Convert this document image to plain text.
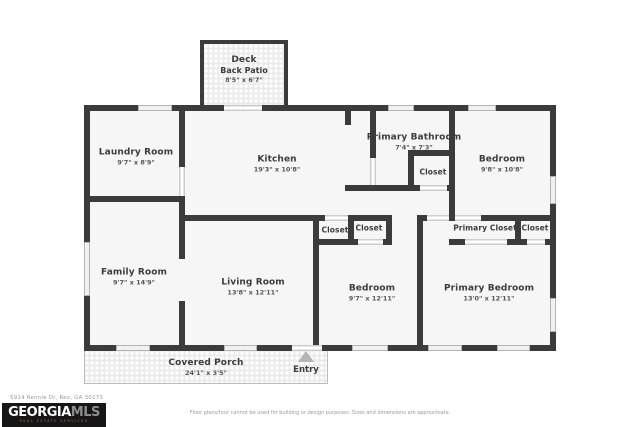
Deck
Back Patio
8'5" x 6'7"
Covered Porch
24'1" x 3'5"
Laundry Room
9'7" x 8'9"	Kitchen
19'3" x 10'8"
Primary Bathroom
7'4" x 7'3"
Closet
Bedroom
9'8" x 10'8"
Closet Closet	Primary Closet Closet
Family Room
9'7" x 14'9"	Living Room
13'8" x 12'11"	Bedroom
9'7" x 12'11"
Primary Bedroom
13'0" x 12'11"
Entry
5914 Rennie Dr, Rex, GA 30273
GEORGIAMLS
REAL ESTATE SERVICES
Floor plans/tour cannot be used for building or design purposes. Sizes and dimensions are approximate.
